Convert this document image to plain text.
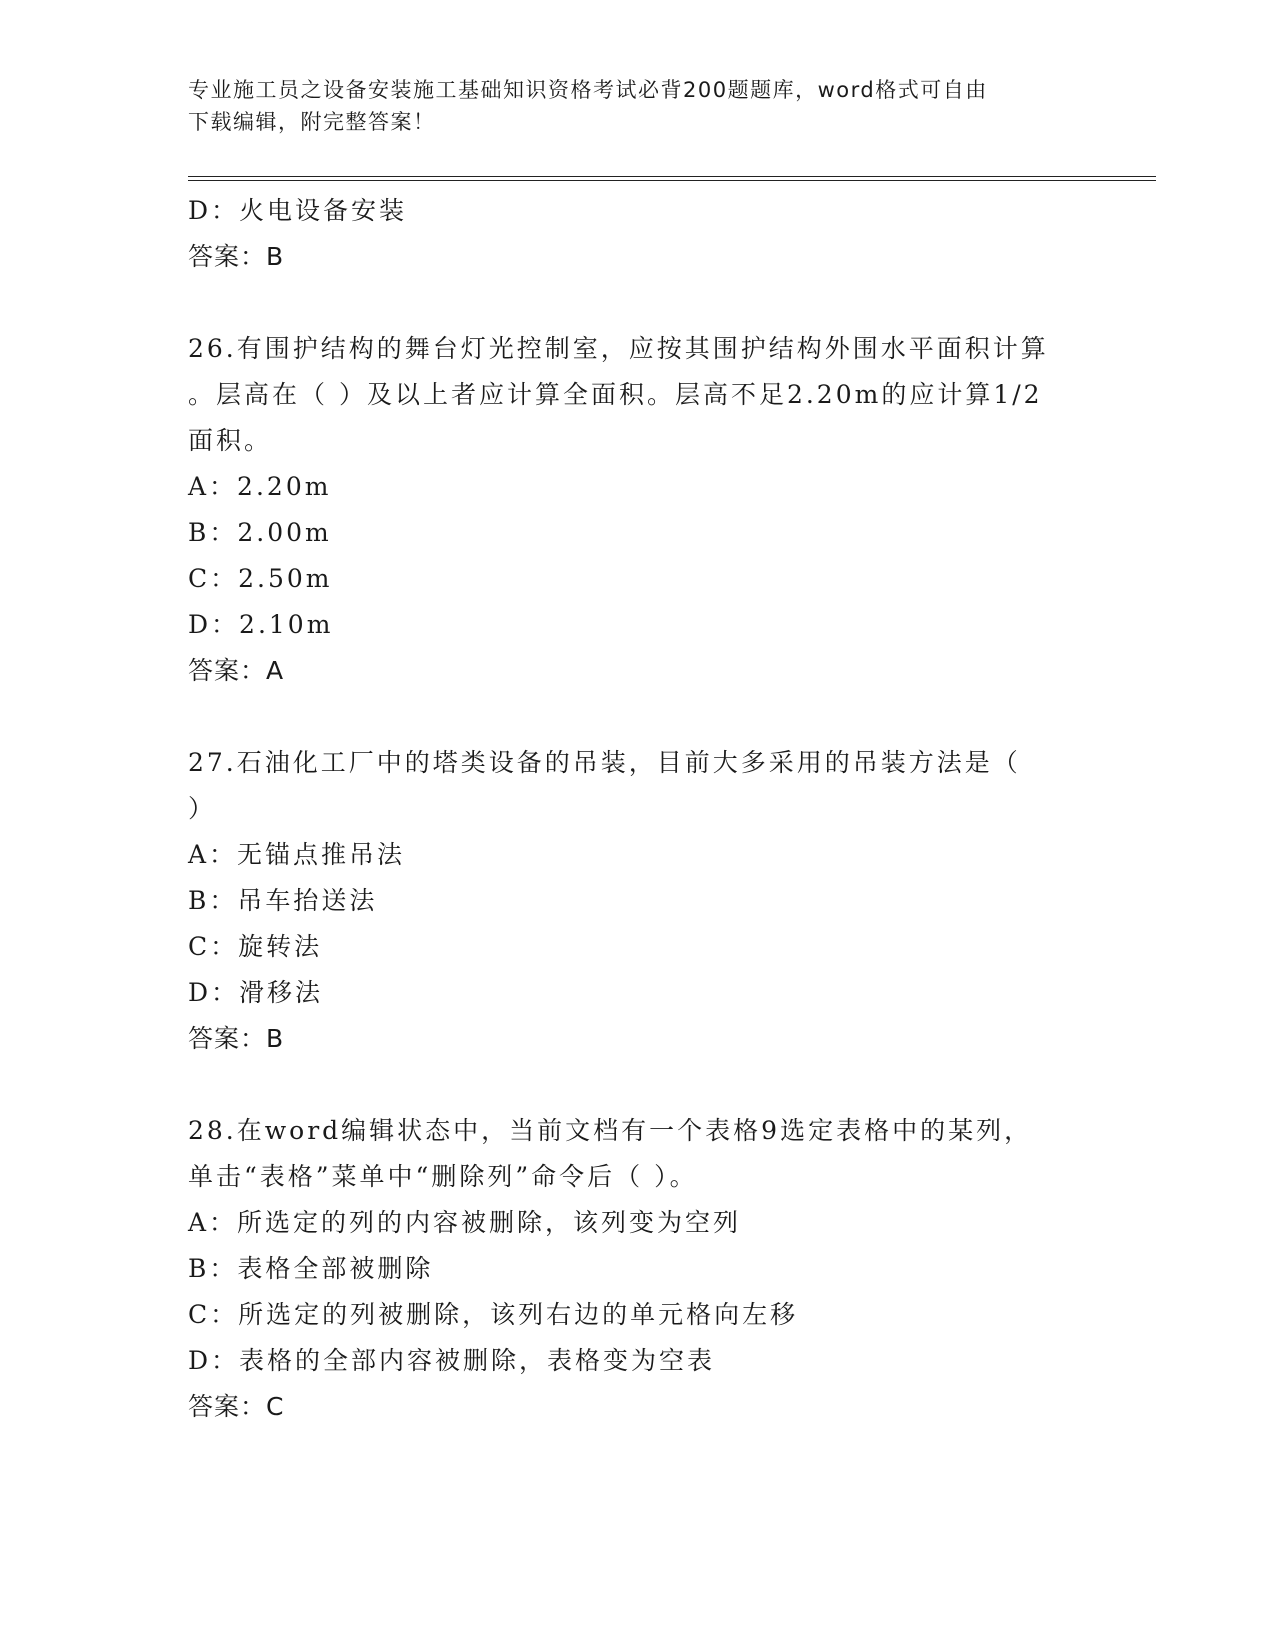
专业施工员之设备安装施工基础知识资格考试必背200题题库，word格式可自由
下载编辑，附完整答案！
D：火电设备安装
答案：B
26.有围护结构的舞台灯光控制室，应按其围护结构外围水平面积计算
。层高在（ ）及以上者应计算全面积。层高不足2.20m的应计算1/2
面积。
A：2.20m
B：2.00m
C：2.50m
D：2.10m
答案：A
27.石油化工厂中的塔类设备的吊装，目前大多采用的吊装方法是（
）
A：无锚点推吊法
B：吊车抬送法
C：旋转法
D：滑移法
答案：B
28.在word编辑状态中，当前文档有一个表格9选定表格中的某列，
单击“表格”菜单中“删除列”命令后（ ）。
A：所选定的列的内容被删除，该列变为空列
B：表格全部被删除
C：所选定的列被删除，该列右边的单元格向左移
D：表格的全部内容被删除，表格变为空表
答案：C
